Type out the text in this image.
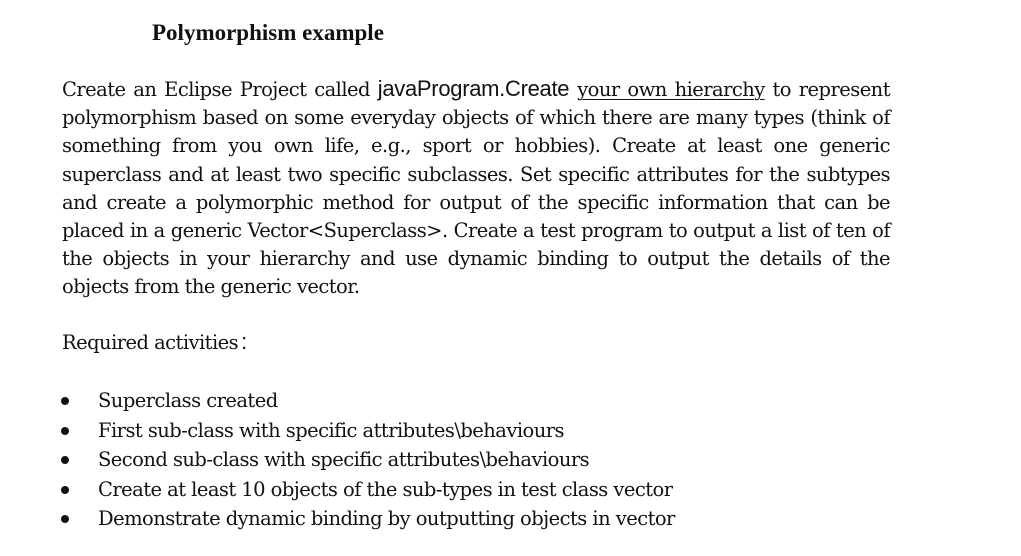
Polymorphism example

Create an Eclipse Project called javaProgram.Create your own hierarchy to represent polymorphism based on some everyday objects of which there are many types (think of something from you own life, e.g., sport or hobbies). Create at least one generic superclass and at least two specific subclasses. Set specific attributes for the subtypes and create a polymorphic method for output of the specific information that can be placed in a generic Vector<Superclass>. Create a test program to output a list of ten of the objects in your hierarchy and use dynamic binding to output the details of the objects from the generic vector.

Required activities :
Superclass created
First sub-class with specific attributes\behaviours
Second sub-class with specific attributes\behaviours
Create at least 10 objects of the sub-types in test class vector
Demonstrate dynamic binding by outputting objects in vector
